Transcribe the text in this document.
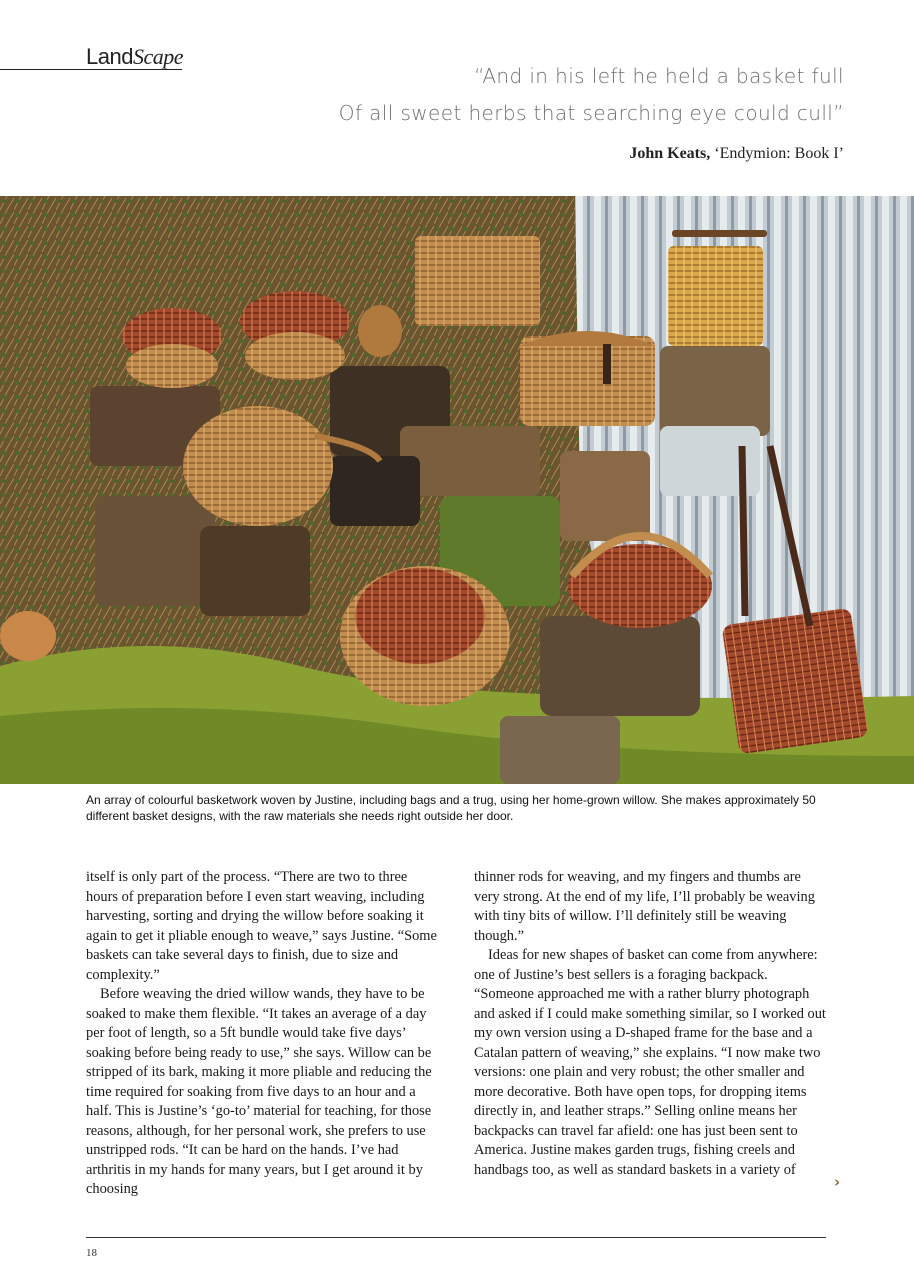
LandScape
“And in his left he held a basket full
Of all sweet herbs that searching eye could cull”
John Keats, ‘Endymion: Book I’
An array of colourful basketwork woven by Justine, including bags and a trug, using her home-grown willow. She makes approximately 50 different basket designs, with the raw materials she needs right outside her door.

itself is only part of the process. “There are two to three hours of preparation before I even start weaving, including harvesting, sorting and drying the willow before soaking it again to get it pliable enough to weave,” says Justine. “Some baskets can take several days to finish, due to size and complexity.”

Before weaving the dried willow wands, they have to be soaked to make them flexible. “It takes an average of a day per foot of length, so a 5ft bundle would take five days’ soaking before being ready to use,” she says. Willow can be stripped of its bark, making it more pliable and reducing the time required for soaking from five days to an hour and a half. This is Justine’s ‘go-to’ material for teaching, for those reasons, although, for her personal work, she prefers to use unstripped rods. “It can be hard on the hands. I’ve had arthritis in my hands for many years, but I get around it by choosing

thinner rods for weaving, and my fingers and thumbs are very strong. At the end of my life, I’ll probably be weaving with tiny bits of willow. I’ll definitely still be weaving though.”

Ideas for new shapes of basket can come from anywhere: one of Justine’s best sellers is a foraging backpack. “Someone approached me with a rather blurry photograph and asked if I could make something similar, so I worked out my own version using a D-shaped frame for the base and a Catalan pattern of weaving,” she explains. “I now make two versions: one plain and very robust; the other smaller and more decorative. Both have open tops, for dropping items directly in, and leather straps.” Selling online means her backpacks can travel far afield: one has just been sent to America. Justine makes garden trugs, fishing creels and handbags too, as well as standard baskets in a variety of

›
18
